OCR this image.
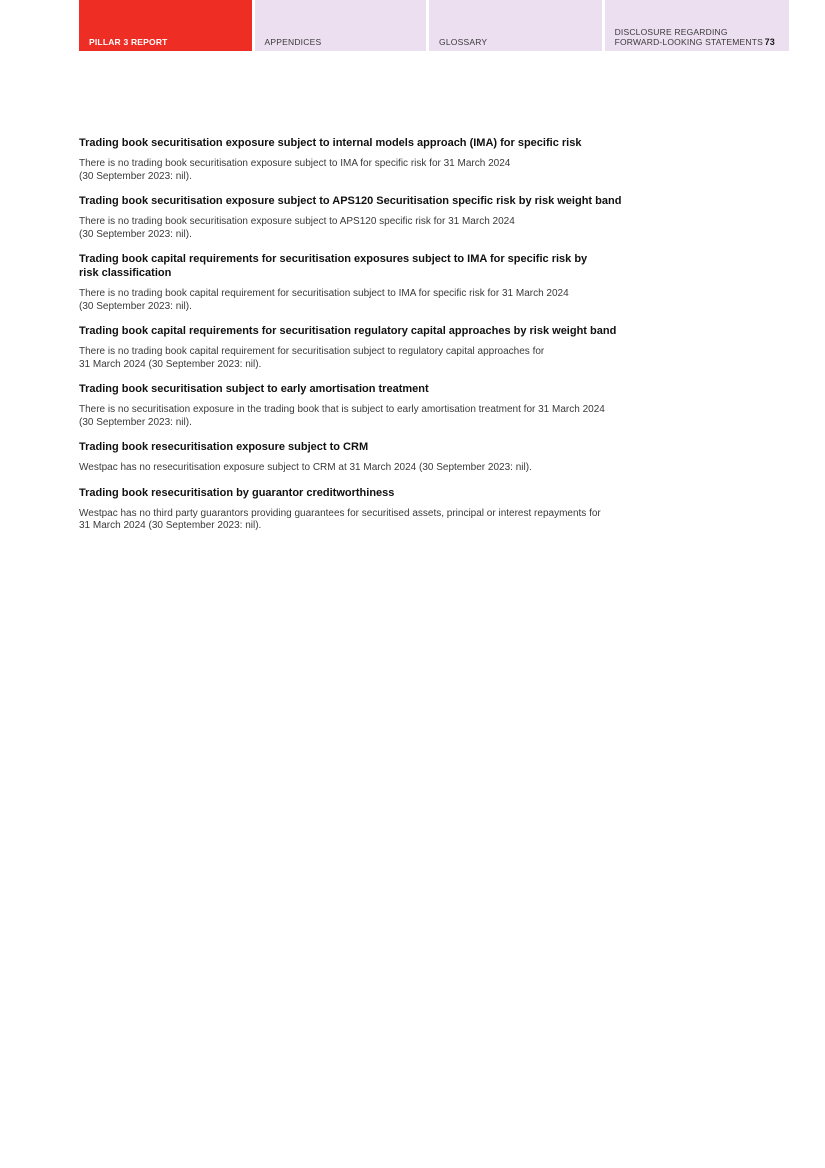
PILLAR 3 REPORT	APPENDICES	GLOSSARY
DISCLOSURE REGARDING FORWARD-LOOKING STATEMENTS 73

Trading book securitisation exposure subject to internal models approach (IMA) for specific risk

There is no trading book securitisation exposure subject to IMA for specific risk for 31 March 2024
(30 September 2023: nil).

Trading book securitisation exposure subject to APS120 Securitisation specific risk by risk weight band

There is no trading book securitisation exposure subject to APS120 specific risk for 31 March 2024
(30 September 2023: nil).

Trading book capital requirements for securitisation exposures subject to IMA for specific risk by
risk classification

There is no trading book capital requirement for securitisation subject to IMA for specific risk for 31 March 2024
(30 September 2023: nil).

Trading book capital requirements for securitisation regulatory capital approaches by risk weight band

There is no trading book capital requirement for securitisation subject to regulatory capital approaches for
31 March 2024 (30 September 2023: nil).

Trading book securitisation subject to early amortisation treatment

There is no securitisation exposure in the trading book that is subject to early amortisation treatment for 31 March 2024
(30 September 2023: nil).

Trading book resecuritisation exposure subject to CRM

Westpac has no resecuritisation exposure subject to CRM at 31 March 2024 (30 September 2023: nil).

Trading book resecuritisation by guarantor creditworthiness

Westpac has no third party guarantors providing guarantees for securitised assets, principal or interest repayments for
31 March 2024 (30 September 2023: nil).
